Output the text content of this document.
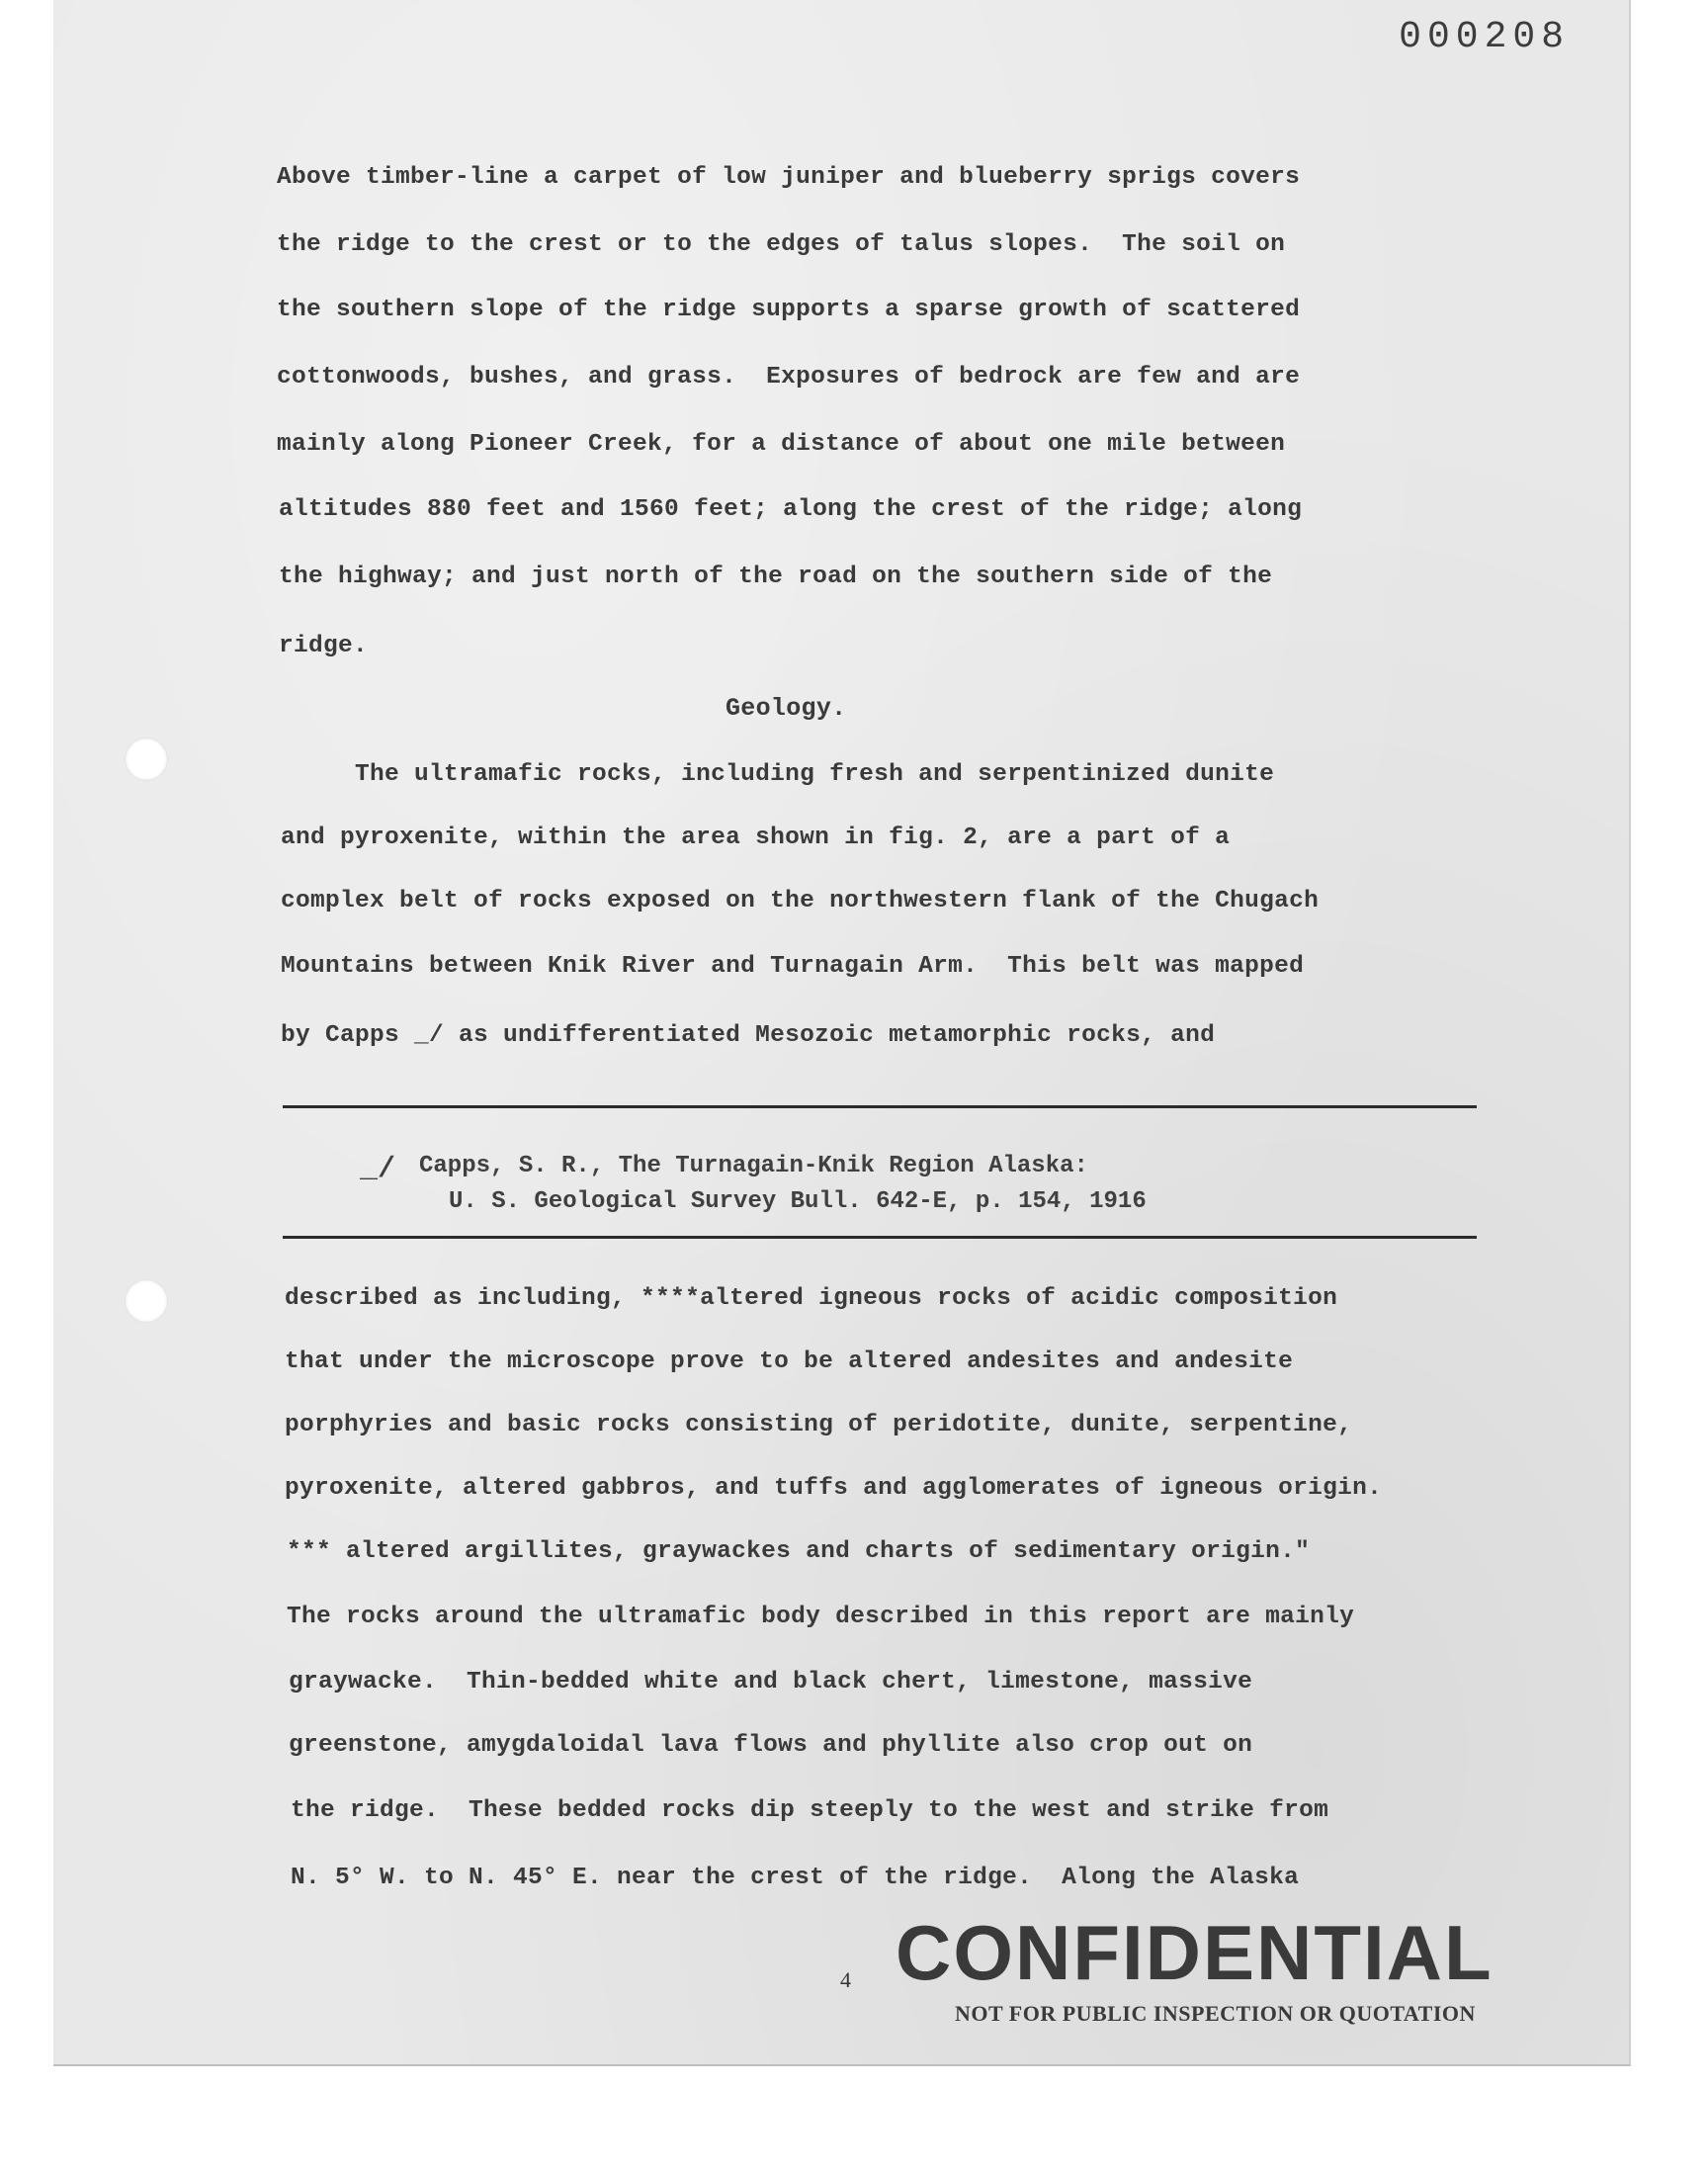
000208
Above timber-line a carpet of low juniper and blueberry sprigs covers
the ridge to the crest or to the edges of talus slopes.  The soil on
the southern slope of the ridge supports a sparse growth of scattered
cottonwoods, bushes, and grass.  Exposures of bedrock are few and are
mainly along Pioneer Creek, for a distance of about one mile between
altitudes 880 feet and 1560 feet; along the crest of the ridge; along
the highway; and just north of the road on the southern side of the
ridge.
Geology.
The ultramafic rocks, including fresh and serpentinized dunite
and pyroxenite, within the area shown in fig. 2, are a part of a
complex belt of rocks exposed on the northwestern flank of the Chugach
Mountains between Knik River and Turnagain Arm.  This belt was mapped
by Capps _/ as undifferentiated Mesozoic metamorphic rocks, and
_/ Capps, S. R., The Turnagain-Knik Region Alaska:
U. S. Geological Survey Bull. 642-E, p. 154, 1916
described as including, ****altered igneous rocks of acidic composition
that under the microscope prove to be altered andesites and andesite
porphyries and basic rocks consisting of peridotite, dunite, serpentine,
pyroxenite, altered gabbros, and tuffs and agglomerates of igneous origin.
*** altered argillites, graywackes and charts of sedimentary origin."
The rocks around the ultramafic body described in this report are mainly
graywacke.  Thin-bedded white and black chert, limestone, massive
greenstone, amygdaloidal lava flows and phyllite also crop out on
the ridge.  These bedded rocks dip steeply to the west and strike from
N. 5° W. to N. 45° E. near the crest of the ridge.  Along the Alaska
4 CONFIDENTIAL
NOT FOR PUBLIC INSPECTION OR QUOTATION
